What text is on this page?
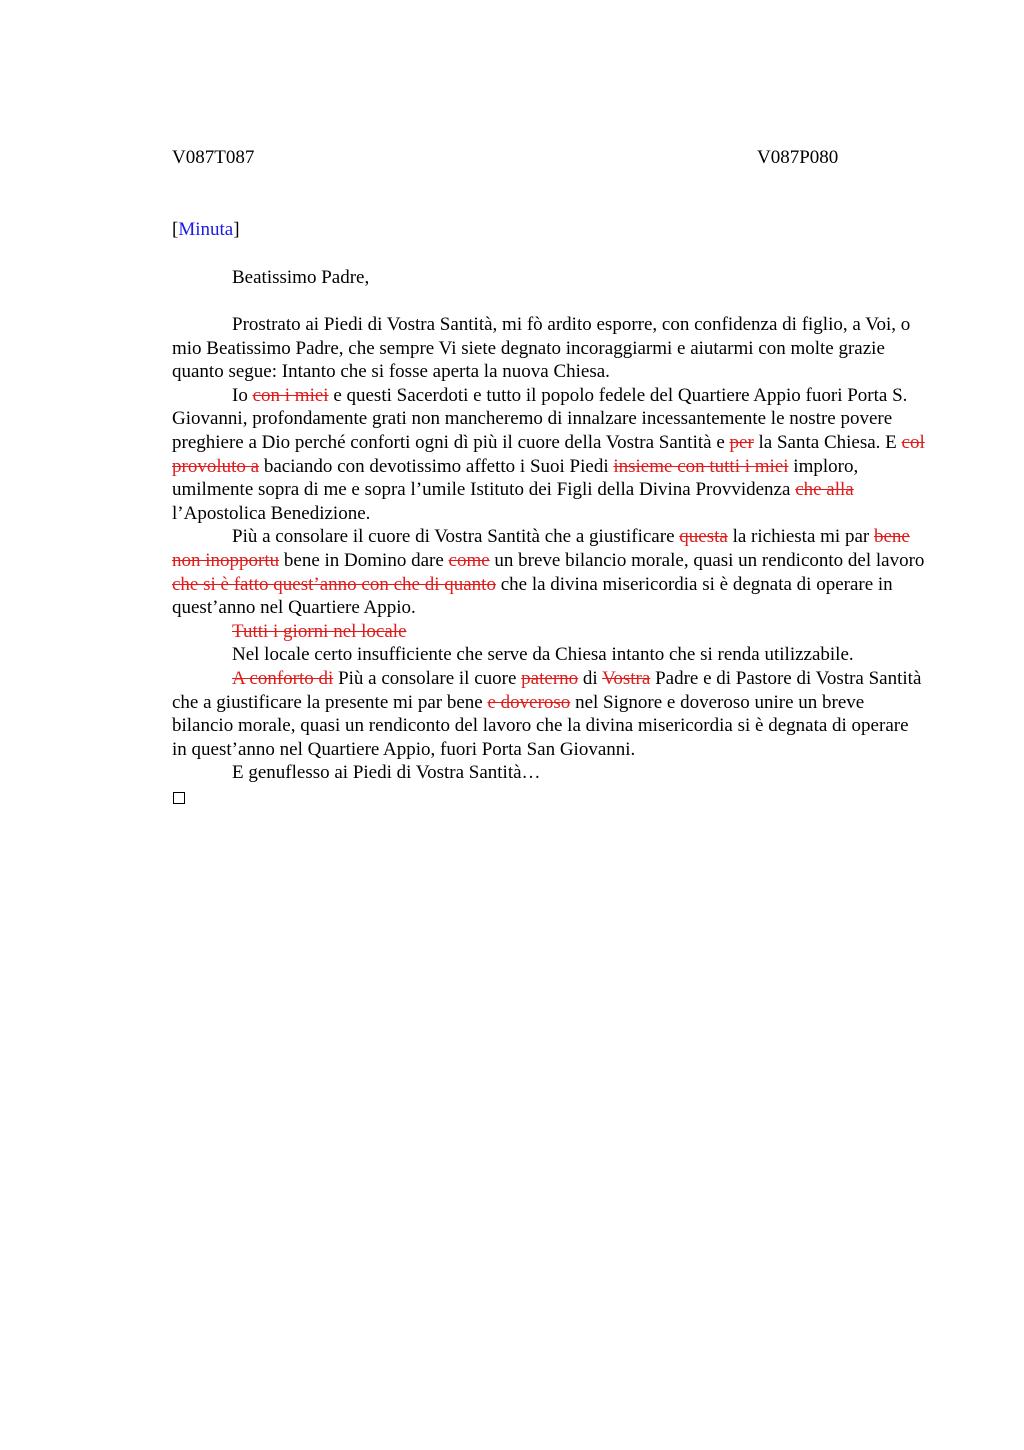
V087T087	V087P080
[Minuta]
Beatissimo Padre,

Prostrato ai Piedi di Vostra Santità, mi fò ardito esporre, con confidenza di figlio, a Voi, o mio Beatissimo Padre, che sempre Vi siete degnato incoraggiarmi e aiutarmi con molte grazie quanto segue: Intanto che si fosse aperta la nuova Chiesa.

Io con i miei e questi Sacerdoti e tutto il popolo fedele del Quartiere Appio fuori Porta S. Giovanni, profondamente grati non mancheremo di innalzare incessantemente le nostre povere preghiere a Dio perché conforti ogni dì più il cuore della Vostra Santità e per la Santa Chiesa. E col provoluto a baciando con devotissimo affetto i Suoi Piedi insieme con tutti i miei imploro, umilmente sopra di me e sopra l’umile Istituto dei Figli della Divina Provvidenza che alla l’Apostolica Benedizione.

Più a consolare il cuore di Vostra Santità che a giustificare questa la richiesta mi par bene non inopportu bene in Domino dare come un breve bilancio morale, quasi un rendiconto del lavoro che si è fatto quest’anno con che di quanto che la divina misericordia si è degnata di operare in quest’anno nel Quartiere Appio.

Tutti i giorni nel locale

Nel locale certo insufficiente che serve da Chiesa intanto che si renda utilizzabile.

A conforto di Più a consolare il cuore paterno di Vostra Padre e di Pastore di Vostra Santità che a giustificare la presente mi par bene e doveroso nel Signore e doveroso unire un breve bilancio morale, quasi un rendiconto del lavoro che la divina misericordia si è degnata di operare in quest’anno nel Quartiere Appio, fuori Porta San Giovanni.

E genuflesso ai Piedi di Vostra Santità…
